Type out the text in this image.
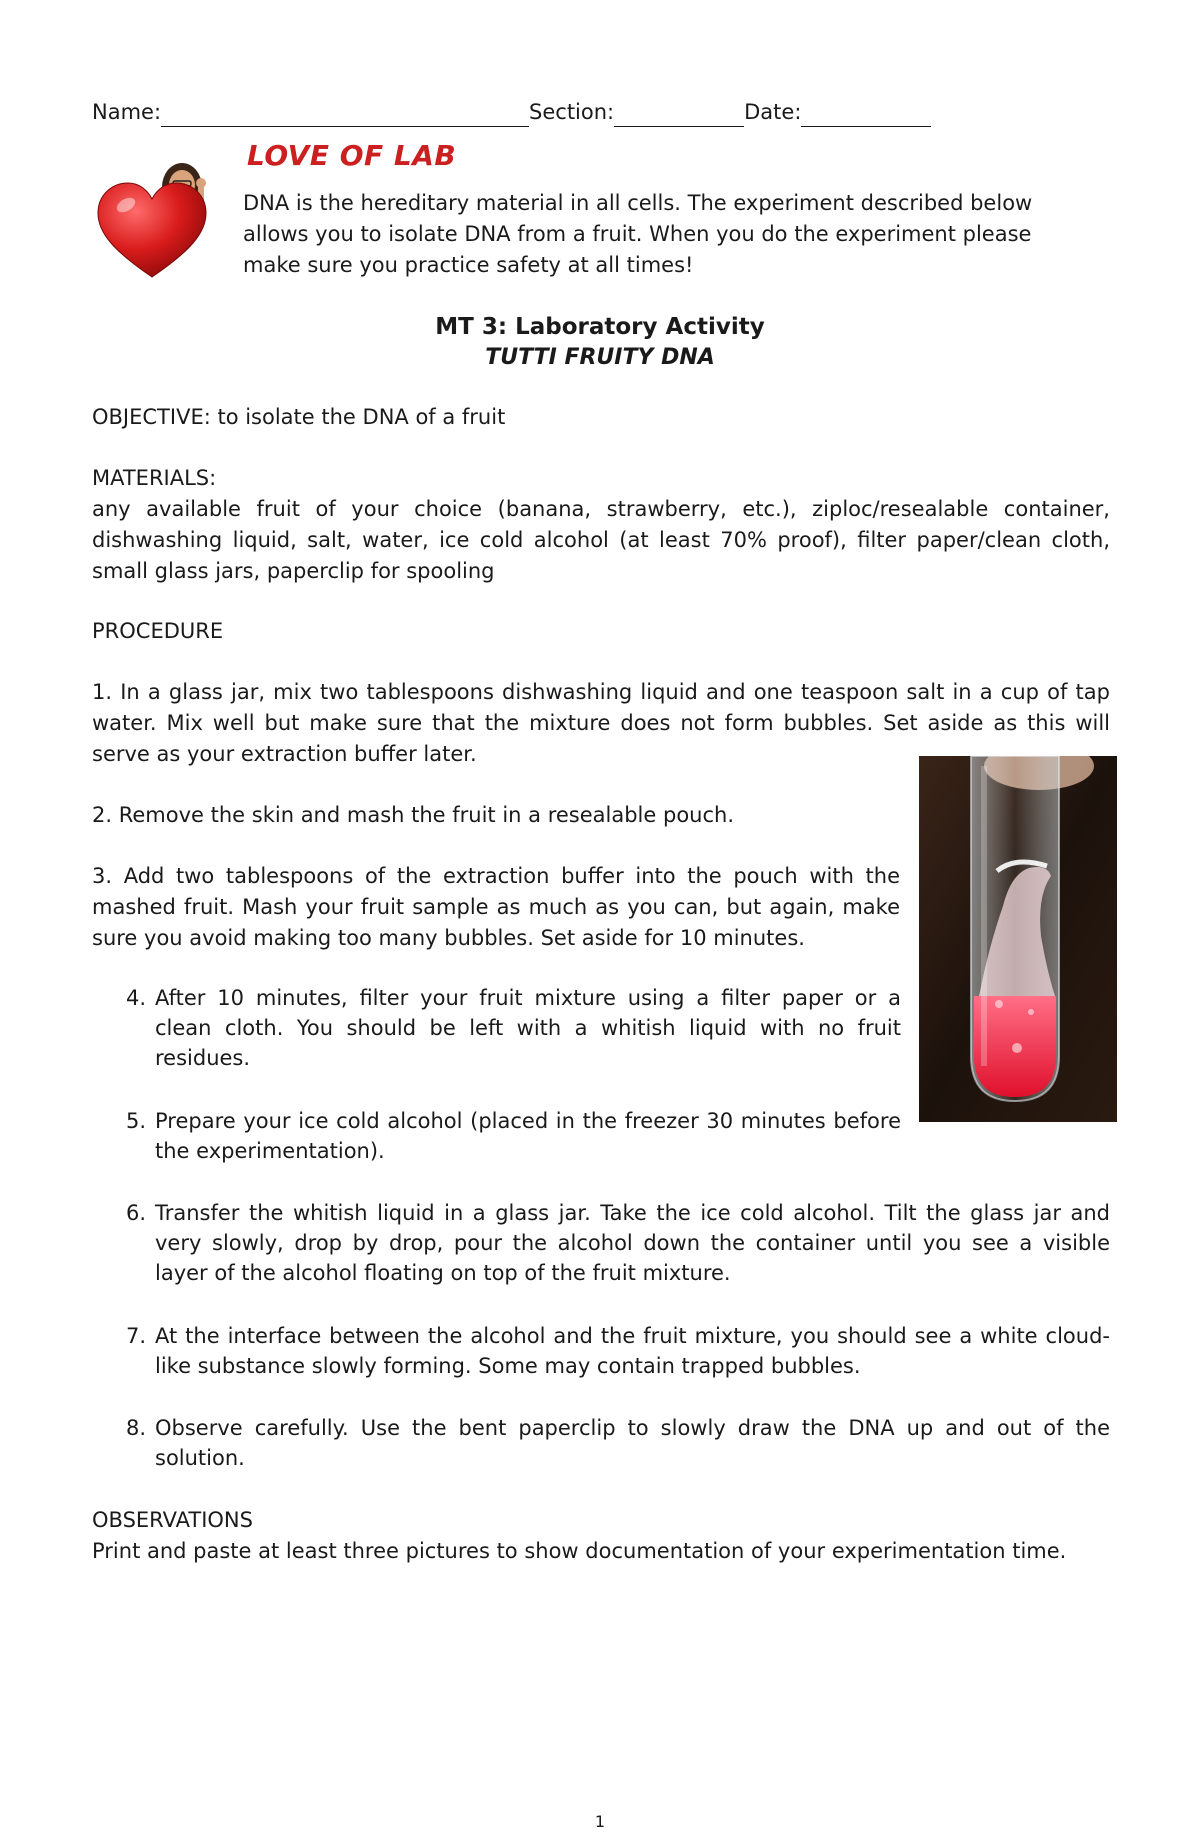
Name:	Section:	Date:
LOVE OF LAB
DNA is the hereditary material in all cells. The experiment described below allows you to isolate DNA from a fruit. When you do the experiment please make sure you practice safety at all times!
MT 3: Laboratory Activity
TUTTI FRUITY DNA
OBJECTIVE: to isolate the DNA of a fruit
MATERIALS:
any available fruit of your choice (banana, strawberry, etc.), ziploc/resealable container, dishwashing liquid, salt, water, ice cold alcohol (at least 70% proof), filter paper/clean cloth, small glass jars, paperclip for spooling
PROCEDURE
1. In a glass jar, mix two tablespoons dishwashing liquid and one teaspoon salt in a cup of tap water. Mix well but make sure that the mixture does not form bubbles. Set aside as this will serve as your extraction buffer later.
2. Remove the skin and mash the fruit in a resealable pouch.
3. Add two tablespoons of the extraction buffer into the pouch with the mashed fruit. Mash your fruit sample as much as you can, but again, make sure you avoid making too many bubbles. Set aside for 10 minutes.
4. After 10 minutes, filter your fruit mixture using a filter paper or a clean cloth. You should be left with a whitish liquid with no fruit residues.
5. Prepare your ice cold alcohol (placed in the freezer 30 minutes before the experimentation).
6. Transfer the whitish liquid in a glass jar. Take the ice cold alcohol. Tilt the glass jar and very slowly, drop by drop, pour the alcohol down the container until you see a visible layer of the alcohol floating on top of the fruit mixture.
7. At the interface between the alcohol and the fruit mixture, you should see a white cloud-like substance slowly forming. Some may contain trapped bubbles.
8. Observe carefully. Use the bent paperclip to slowly draw the DNA up and out of the solution.
OBSERVATIONS
Print and paste at least three pictures to show documentation of your experimentation time.
1
